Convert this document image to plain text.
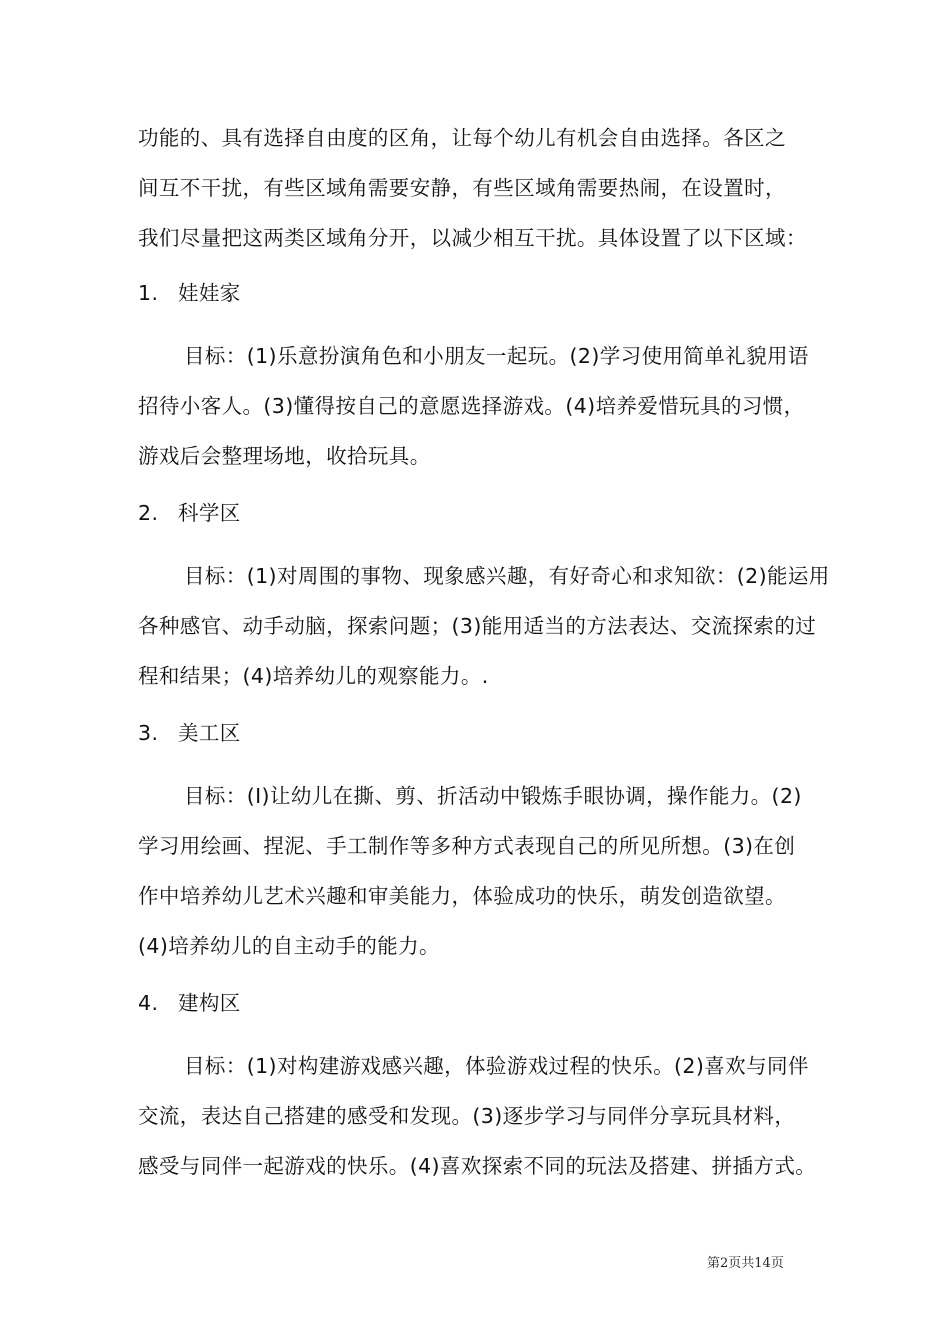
功能的、具有选择自由度的区角，让每个幼儿有机会自由选择。各区之
间互不干扰，有些区域角需要安静，有些区域角需要热闹，在设置时，
我们尽量把这两类区域角分开，以减少相互干扰。具体设置了以下区域：
1. 娃娃家
目标：(1)乐意扮演角色和小朋友一起玩。(2)学习使用简单礼貌用语
招待小客人。(3)懂得按自己的意愿选择游戏。(4)培养爱惜玩具的习惯，
游戏后会整理场地，收拾玩具。
2. 科学区
目标：(1)对周围的事物、现象感兴趣，有好奇心和求知欲：(2)能运用
各种感官、动手动脑，探索问题；(3)能用适当的方法表达、交流探索的过
程和结果；(4)培养幼儿的观察能力。.
3. 美工区
目标：(I)让幼儿在撕、剪、折活动中锻炼手眼协调，操作能力。(2)
学习用绘画、捏泥、手工制作等多种方式表现自己的所见所想。(3)在创
作中培养幼儿艺术兴趣和审美能力，体验成功的快乐，萌发创造欲望。
(4)培养幼儿的自主动手的能力。
4. 建构区
目标：(1)对构建游戏感兴趣，体验游戏过程的快乐。(2)喜欢与同伴
交流，表达自己搭建的感受和发现。(3)逐步学习与同伴分享玩具材料，
感受与同伴一起游戏的快乐。(4)喜欢探索不同的玩法及搭建、拼插方式。
第2页共14页
